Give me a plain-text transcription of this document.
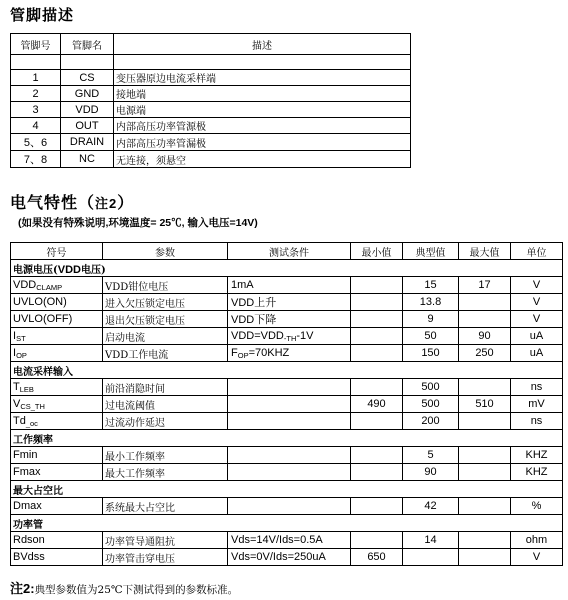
管脚描述
管脚号	管脚名	描述

1	CS	变压器原边电流采样端
2	GND	接地端
3	VDD	电源端
4	OUT	内部高压功率管源极
5、6	DRAIN	内部高压功率管漏极
7、8	NC	无连接，须悬空
电气特性（注2）
(如果没有特殊说明,环境温度= 25℃, 输入电压=14V)
符号	参数	测试条件	最小值	典型值	最大值	单位
电源电压(VDD电压)						
$VDD_{CLAMP}$	VDD钳位电压	1mA		15	17	V
UVLO(ON)	进入欠压锁定电压	VDD上升		13.8		V
UVLO(OFF)	退出欠压锁定电压	VDD下降		9		V
$I_{ST}$	启动电流	$VDD=VDD_{-TH}-1V$		50	90	uA
$I_{OP}$	VDD工作电流	$F_{OP}=70KHZ$		150	250	uA
电流采样输入						
$T_{LEB}$	前沿消隐时间			500		ns
$V_{CS\_TH}$	过电流阈值		490	500	510	mV
$Td_{\_oc}$	过流动作延迟			200		ns
工作频率						
Fmin	最小工作频率			5		KHZ
Fmax	最大工作频率			90		KHZ
最大占空比						
Dmax	系统最大占空比			42		%
功率管						
Rdson	功率管导通阻抗	Vds=14V/Ids=0.5A		14		ohm
BVdss	功率管击穿电压	Vds=0V/Ids=250uA	650			V
注2:典型参数值为25℃下测试得到的参数标准。
